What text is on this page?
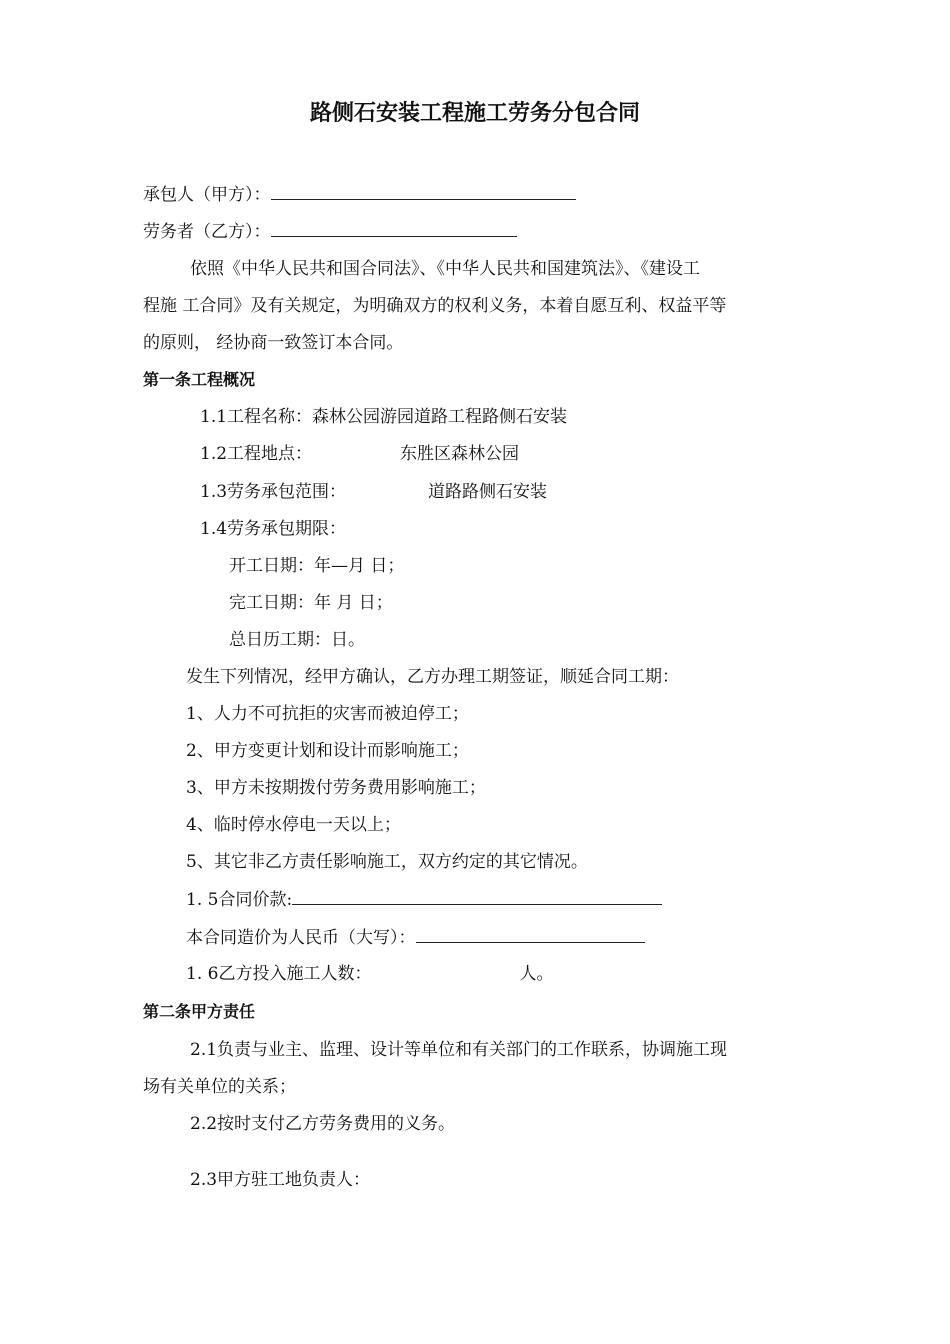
路侧石安装工程施工劳务分包合同
承包人（甲方）：
劳务者（乙方）：
依照《中华人民共和国合同法》、《中华人民共和国建筑法》、《建设工
程施 工合同》及有关规定，为明确双方的权利义务，本着自愿互利、权益平等
的原则， 经协商一致签订本合同。
第一条工程概况
1.1工程名称：森林公园游园道路工程路侧石安装
1.2工程地点：	东胜区森林公园
1.3劳务承包范围：	道路路侧石安装
1.4劳务承包期限：
开工日期：年—月 日；
完工日期：年 月 日；
总日历工期：日。
发生下列情况，经甲方确认，乙方办理工期签证，顺延合同工期：
1、人力不可抗拒的灾害而被迫停工；
2、甲方变更计划和设计而影响施工；
3、甲方未按期拨付劳务费用影响施工；
4、临时停水停电一天以上；
5、其它非乙方责任影响施工，双方约定的其它情况。
1. 5合同价款:
本合同造价为人民币（大写）：
1. 6乙方投入施工人数：	人。
第二条甲方责任
2.1负责与业主、监理、设计等单位和有关部门的工作联系，协调施工现
场有关单位的关系；
2.2按时支付乙方劳务费用的义务。
2.3甲方驻工地负责人：
